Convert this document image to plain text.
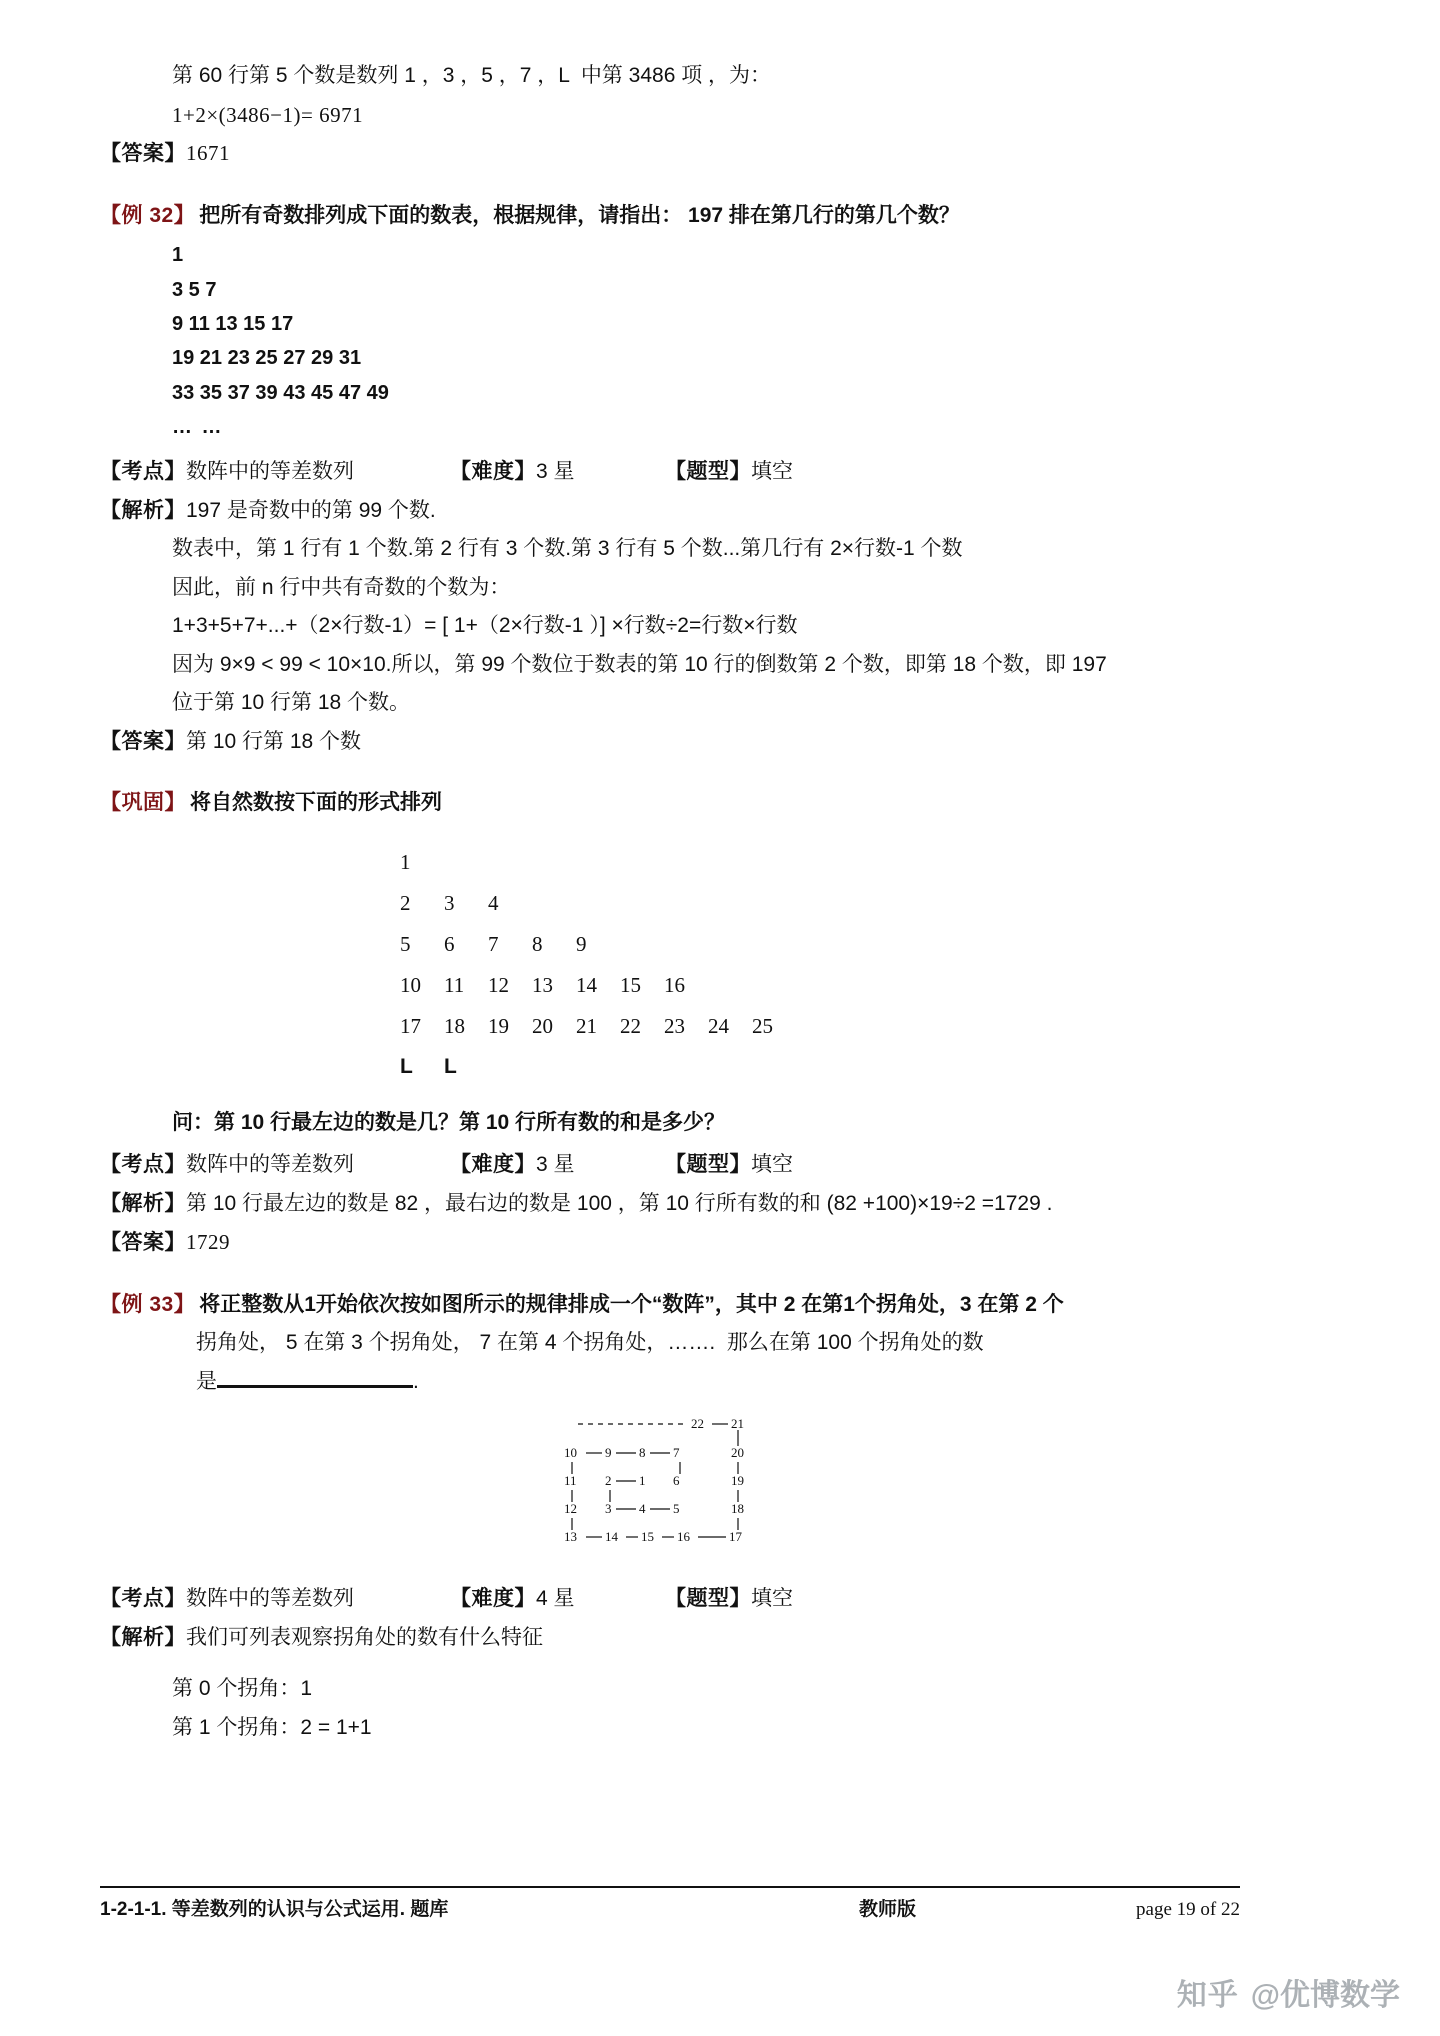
第 60 行第 5 个数是数列 1 ，3 ，5 ，7 ，L  中第 3486 项 ，为：
1+2×(3486−1)= 6971
【答案】 1671
【例 32】 把所有奇数排列成下面的数表，根据规律，请指出： 197 排在第几行的第几个数？
1
3 5 7
9 11 13 15 17
19 21 23 25 27 29 31
33 35 37 39 43 45 47 49
… …
【考点】 数阵中的等差数列	【难度】 3 星	【题型】 填空
【解析】 197 是奇数中的第 99 个数.
数表中，第 1 行有 1 个数.第 2 行有 3 个数.第 3 行有 5 个数...第几行有 2×行数-1 个数
因此，前 n 行中共有奇数的个数为：
1+3+5+7+...+（2×行数-1）= [ 1+（2×行数-1 ）] ×行数÷2=行数×行数
因为 9×9 < 99 < 10×10.所以，第 99 个数位于数表的第 10 行的倒数第 2 个数，即第 18 个数，即 197
位于第 10 行第 18 个数。
【答案】 第 10 行第 18 个数
【巩固】 将自然数按下面的形式排列
1
2	3	4
5	6	7	8	9
10	11	12	13	14	15	16
17	18	19	20	21	22	23	24	25
L	L
问：第 10 行最左边的数是几？第 10 行所有数的和是多少？
【考点】 数阵中的等差数列	【难度】 3 星	【题型】 填空
【解析】 第 10 行最左边的数是 82 ，最右边的数是 100 ，第 10 行所有数的和 (82 +100)×19÷2 =1729 .
【答案】 1729
【例 33】 将正整数从1开始依次按如图所示的规律排成一个“数阵”，其中 2 在第1个拐角处，3 在第 2 个
拐角处， 5 在第 3 个拐角处， 7 在第 4 个拐角处，…….  那么在第 100 个拐角处的数
是	.
22 21
10 9 8 7	20
11 2 1 6	19
12 3 4 5	18
13 14 15 16	17
【考点】 数阵中的等差数列	【难度】 4 星	【题型】 填空
【解析】 我们可列表观察拐角处的数有什么特征
第 0 个拐角：1
第 1 个拐角：2 = 1+1
1-2-1-1. 等差数列的认识与公式运用. 题库	教师版	page 19 of 22
知乎 @优博数学
